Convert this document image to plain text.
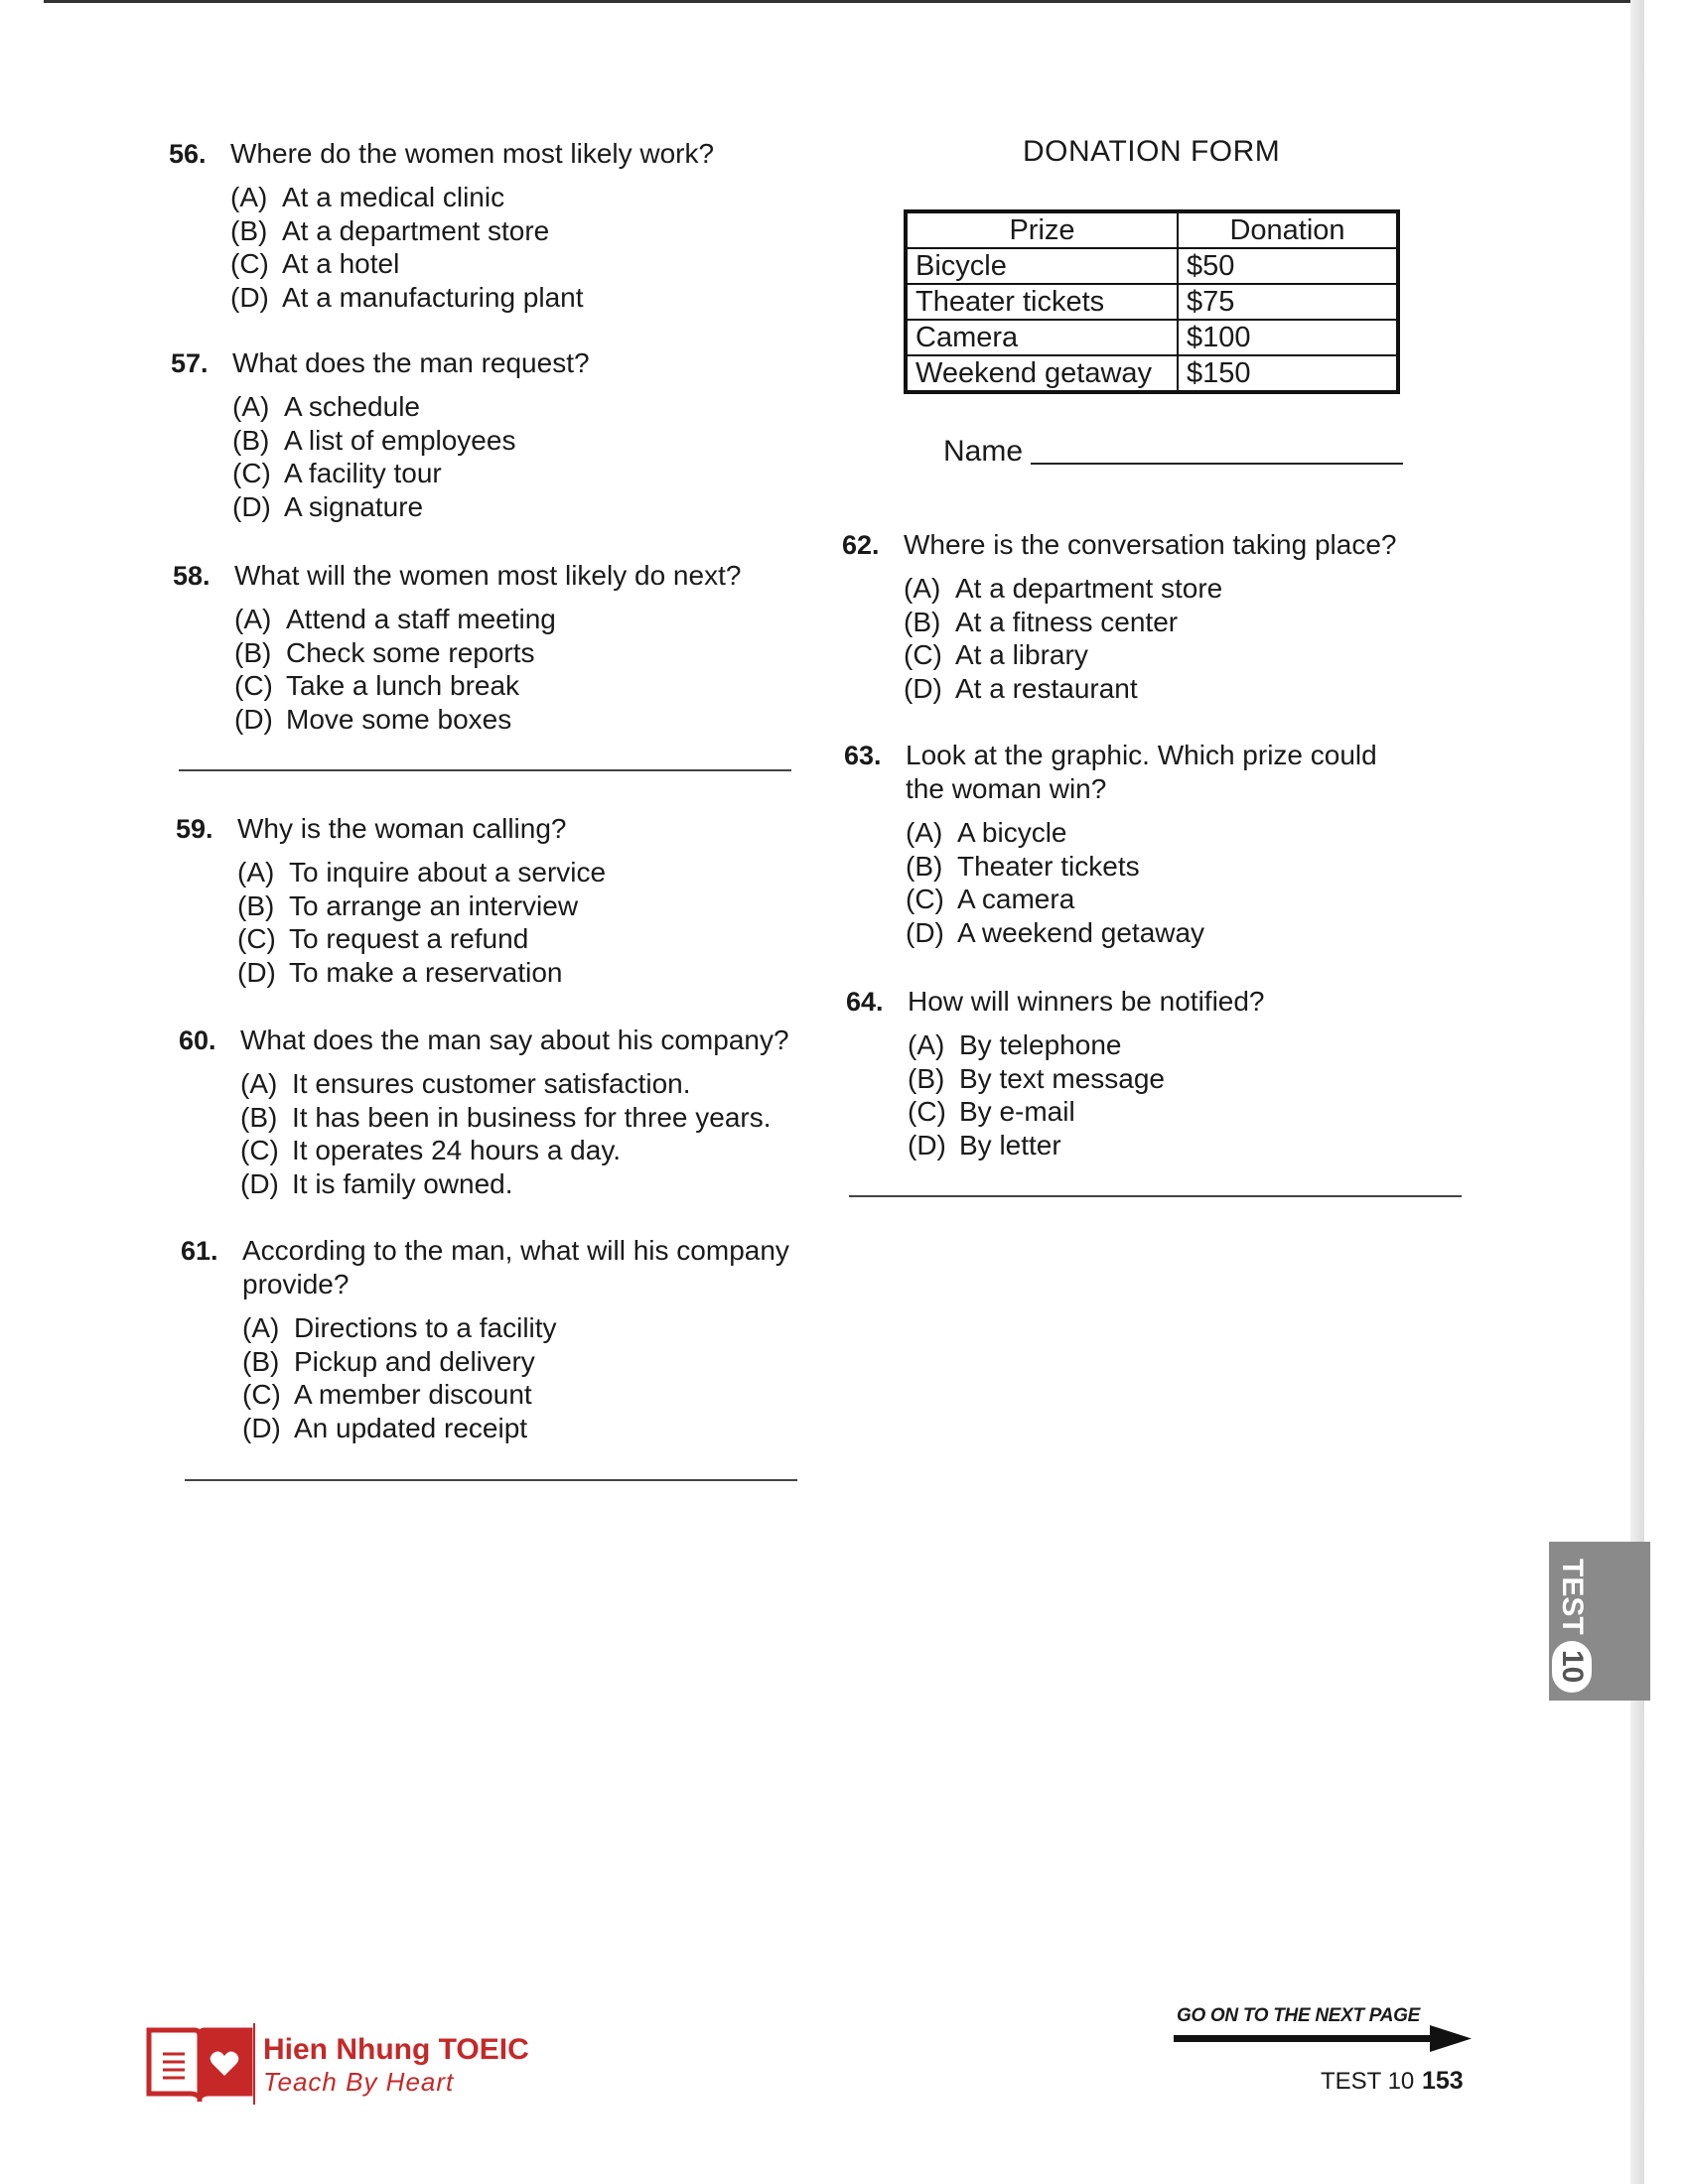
56. Where do the women most likely work?
(A) At a medical clinic
(B) At a department store
(C) At a hotel
(D) At a manufacturing plant
57. What does the man request?
(A) A schedule
(B) A list of employees
(C) A facility tour
(D) A signature
58. What will the women most likely do next?
(A) Attend a staff meeting
(B) Check some reports
(C) Take a lunch break
(D) Move some boxes
59. Why is the woman calling?
(A) To inquire about a service
(B) To arrange an interview
(C) To request a refund
(D) To make a reservation
60. What does the man say about his company?
(A) It ensures customer satisfaction.
(B) It has been in business for three years.
(C) It operates 24 hours a day.
(D) It is family owned.
61. According to the man, what will his company provide?
(A) Directions to a facility
(B) Pickup and delivery
(C) A member discount
(D) An updated receipt
DONATION FORM
Prize	Donation
Bicycle	$50
Theater tickets	$75
Camera	$100
Weekend getaway	$150
Name
62. Where is the conversation taking place?
(A) At a department store
(B) At a fitness center
(C) At a library
(D) At a restaurant
63. Look at the graphic. Which prize could the woman win?
(A) A bicycle
(B) Theater tickets
(C) A camera
(D) A weekend getaway
64. How will winners be notified?
(A) By telephone
(B) By text message
(C) By e-mail
(D) By letter
TEST
10
Hien Nhung TOEIC
Teach By Heart
GO ON TO THE NEXT PAGE
TEST 10 153
